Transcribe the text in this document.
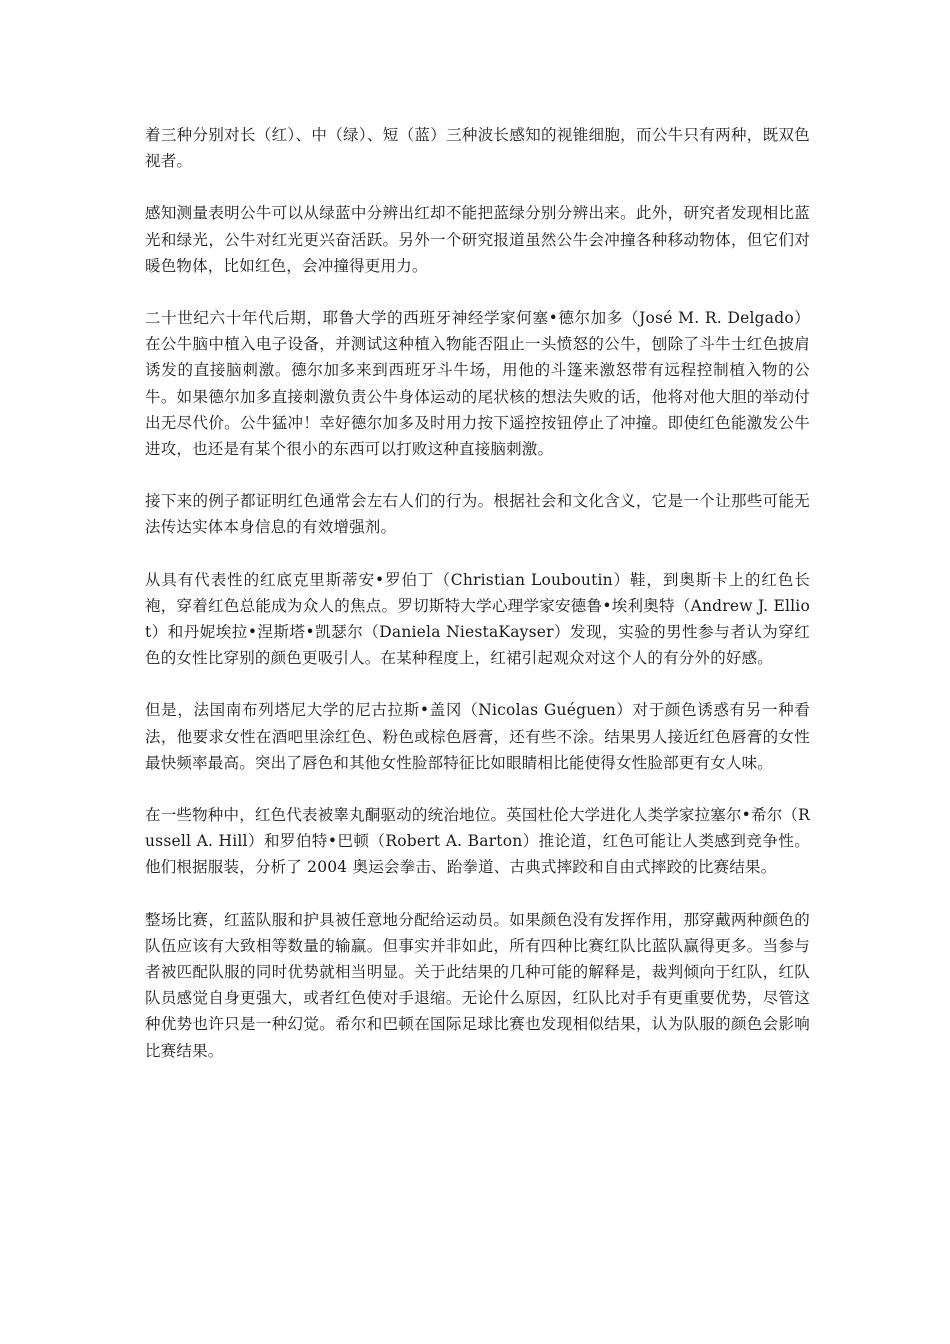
着三种分别对长（红）、中（绿）、短（蓝）三种波长感知的视锥细胞，而公牛只有两种，既双色视者。

感知测量表明公牛可以从绿蓝中分辨出红却不能把蓝绿分别分辨出来。此外，研究者发现相比蓝光和绿光，公牛对红光更兴奋活跃。另外一个研究报道虽然公牛会冲撞各种移动物体，但它们对暖色物体，比如红色，会冲撞得更用力。

二十世纪六十年代后期，耶鲁大学的西班牙神经学家何塞•德尔加多（José M. R. Delgado）在公牛脑中植入电子设备，并测试这种植入物能否阻止一头愤怒的公牛，刨除了斗牛士红色披肩诱发的直接脑刺激。德尔加多来到西班牙斗牛场，用他的斗篷来激怒带有远程控制植入物的公牛。如果德尔加多直接刺激负责公牛身体运动的尾状核的想法失败的话，他将对他大胆的举动付出无尽代价。公牛猛冲！幸好德尔加多及时用力按下遥控按钮停止了冲撞。即使红色能激发公牛进攻，也还是有某个很小的东西可以打败这种直接脑刺激。

接下来的例子都证明红色通常会左右人们的行为。根据社会和文化含义，它是一个让那些可能无法传达实体本身信息的有效增强剂。

从具有代表性的红底克里斯蒂安•罗伯丁（Christian Louboutin）鞋，到奥斯卡上的红色长袍，穿着红色总能成为众人的焦点。罗切斯特大学心理学家安德鲁•埃利奥特（Andrew J. Elliot）和丹妮埃拉•涅斯塔•凯瑟尔（Daniela NiestaKayser）发现，实验的男性参与者认为穿红色的女性比穿别的颜色更吸引人。在某种程度上，红裙引起观众对这个人的有分外的好感。

但是，法国南布列塔尼大学的尼古拉斯•盖冈（Nicolas Guéguen）对于颜色诱惑有另一种看法，他要求女性在酒吧里涂红色、粉色或棕色唇膏，还有些不涂。结果男人接近红色唇膏的女性最快频率最高。突出了唇色和其他女性脸部特征比如眼睛相比能使得女性脸部更有女人味。

在一些物种中，红色代表被睾丸酮驱动的统治地位。英国杜伦大学进化人类学家拉塞尔•希尔（Russell A. Hill）和罗伯特•巴顿（Robert A. Barton）推论道，红色可能让人类感到竞争性。他们根据服装，分析了 2004 奥运会拳击、跆拳道、古典式摔跤和自由式摔跤的比赛结果。

整场比赛，红蓝队服和护具被任意地分配给运动员。如果颜色没有发挥作用，那穿戴两种颜色的队伍应该有大致相等数量的输赢。但事实并非如此，所有四种比赛红队比蓝队赢得更多。当参与者被匹配队服的同时优势就相当明显。关于此结果的几种可能的解释是，裁判倾向于红队，红队队员感觉自身更强大，或者红色使对手退缩。无论什么原因，红队比对手有更重要优势，尽管这种优势也许只是一种幻觉。希尔和巴顿在国际足球比赛也发现相似结果，认为队服的颜色会影响比赛结果。
